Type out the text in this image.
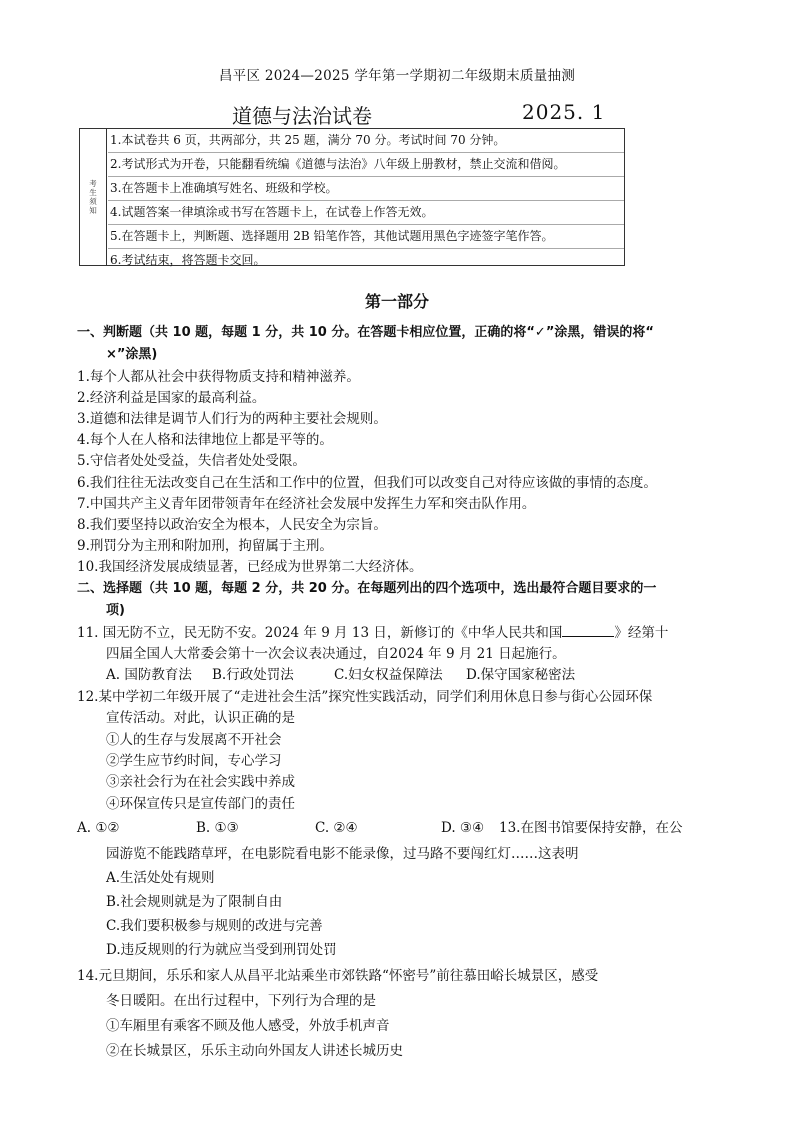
昌平区 2024—2025 学年第一学期初二年级期末质量抽测
道德与法治试卷	2025. 1
考
生
须
知
1.本试卷共 6 页，共两部分，共 25 题，满分 70 分。考试时间 70 分钟。
2.考试形式为开卷，只能翻看统编《道德与法治》八年级上册教材，禁止交流和借阅。
3.在答题卡上准确填写姓名、班级和学校。
4.试题答案一律填涂或书写在答题卡上，在试卷上作答无效。
5.在答题卡上，判断题、选择题用 2B 铅笔作答，其他试题用黑色字迹签字笔作答。
6.考试结束，将答题卡交回。
第一部分
一、判断题（共 10 题，每题 1 分，共 10 分。在答题卡相应位置，正确的将“✓”涂黑，错误的将“
×”涂黑)
1.每个人都从社会中获得物质支持和精神滋养。
2.经济利益是国家的最高利益。
3.道德和法律是调节人们行为的两种主要社会规则。
4.每个人在人格和法律地位上都是平等的。
5.守信者处处受益，失信者处处受限。
6.我们往往无法改变自己在生活和工作中的位置，但我们可以改变自己对待应该做的事情的态度。
7.中国共产主义青年团带领青年在经济社会发展中发挥生力军和突击队作用。
8.我们要坚持以政治安全为根本，人民安全为宗旨。
9.刑罚分为主刑和附加刑，拘留属于主刑。
10.我国经济发展成绩显著，已经成为世界第二大经济体。
二、选择题（共 10 题，每题 2 分，共 20 分。在每题列出的四个选项中，选出最符合题目要求的一
项)
11. 国无防不立，民无防不安。2024 年 9 月 13 日，新修订的《中华人民共和国	》经第十
四届全国人大常委会第十一次会议表决通过，自2024 年 9 月 21 日起施行。
A. 国防教育法 B.行政处罚法	C.妇女权益保障法 D.保守国家秘密法
12.某中学初二年级开展了“走进社会生活”探究性实践活动，同学们利用休息日参与街心公园环保
宣传活动。对此，认识正确的是
①人的生存与发展离不开社会
②学生应节约时间，专心学习
③亲社会行为在社会实践中养成
④环保宣传只是宣传部门的责任
A. ①②	B. ①③	C. ②④	D. ③④ 13.在图书馆要保持安静，在公
园游览不能践踏草坪，在电影院看电影不能录像，过马路不要闯红灯……这表明
A.生活处处有规则
B.社会规则就是为了限制自由
C.我们要积极参与规则的改进与完善
D.违反规则的行为就应当受到刑罚处罚
14.元旦期间，乐乐和家人从昌平北站乘坐市郊铁路“怀密号”前往慕田峪长城景区，感受
冬日暖阳。在出行过程中，下列行为合理的是
①车厢里有乘客不顾及他人感受，外放手机声音
②在长城景区，乐乐主动向外国友人讲述长城历史
